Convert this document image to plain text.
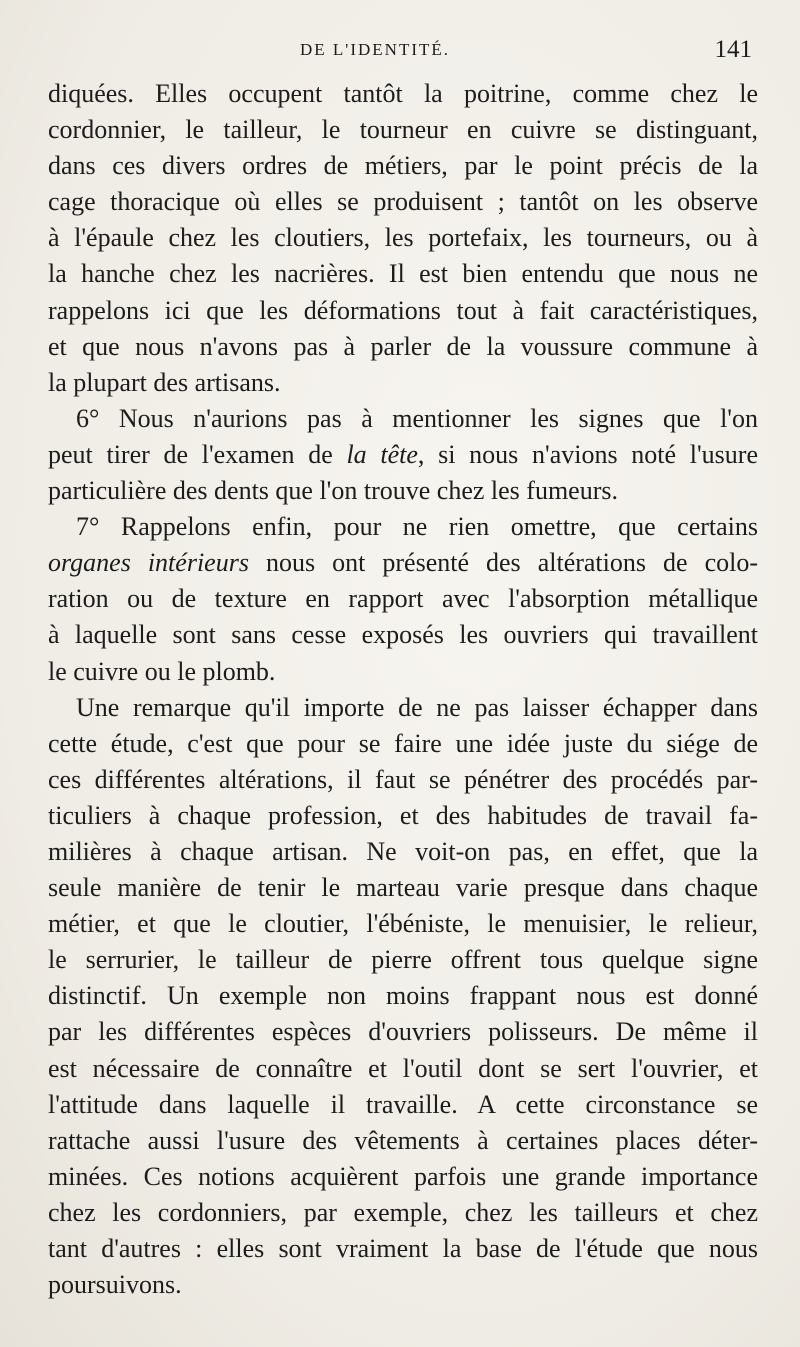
DE L'IDENTITÉ.	141
diquées. Elles occupent tantôt la poitrine, comme chez le
cordonnier, le tailleur, le tourneur en cuivre se distinguant,
dans ces divers ordres de métiers, par le point précis de la
cage thoracique où elles se produisent ; tantôt on les observe
à l'épaule chez les cloutiers, les portefaix, les tourneurs, ou à
la hanche chez les nacrières. Il est bien entendu que nous ne
rappelons ici que les déformations tout à fait caractéristiques,
et que nous n'avons pas à parler de la voussure commune à
la plupart des artisans.
6° Nous n'aurions pas à mentionner les signes que l'on
peut tirer de l'examen de la tête, si nous n'avions noté l'usure
particulière des dents que l'on trouve chez les fumeurs.
7° Rappelons enfin, pour ne rien omettre, que certains
organes intérieurs nous ont présenté des altérations de colo-
ration ou de texture en rapport avec l'absorption métallique
à laquelle sont sans cesse exposés les ouvriers qui travaillent
le cuivre ou le plomb.
Une remarque qu'il importe de ne pas laisser échapper dans
cette étude, c'est que pour se faire une idée juste du siége de
ces différentes altérations, il faut se pénétrer des procédés par-
ticuliers à chaque profession, et des habitudes de travail fa-
milières à chaque artisan. Ne voit-on pas, en effet, que la
seule manière de tenir le marteau varie presque dans chaque
métier, et que le cloutier, l'ébéniste, le menuisier, le relieur,
le serrurier, le tailleur de pierre offrent tous quelque signe
distinctif. Un exemple non moins frappant nous est donné
par les différentes espèces d'ouvriers polisseurs. De même il
est nécessaire de connaître et l'outil dont se sert l'ouvrier, et
l'attitude dans laquelle il travaille. A cette circonstance se
rattache aussi l'usure des vêtements à certaines places déter-
minées. Ces notions acquièrent parfois une grande importance
chez les cordonniers, par exemple, chez les tailleurs et chez
tant d'autres : elles sont vraiment la base de l'étude que nous
poursuivons.
